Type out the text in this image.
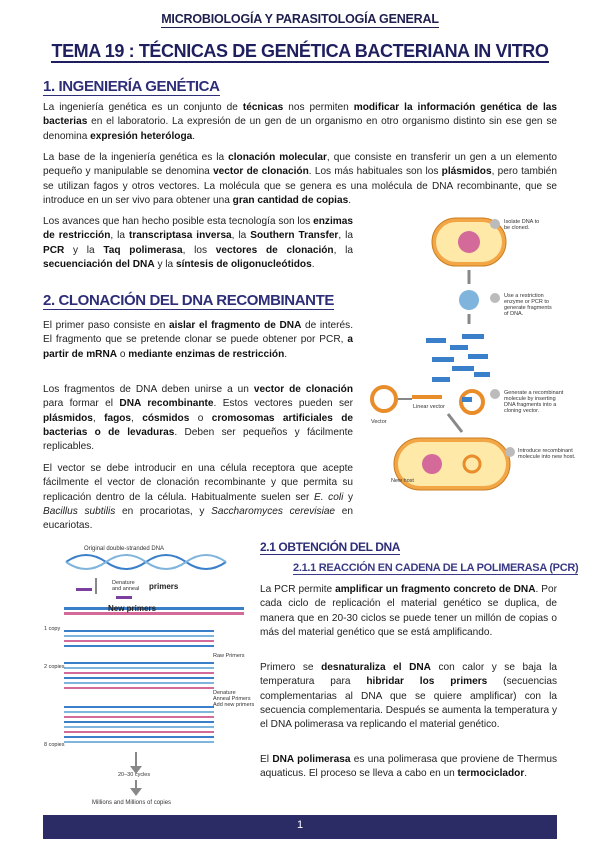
MICROBIOLOGÍA Y PARASITOLOGÍA GENERAL
TEMA 19 : TÉCNICAS DE GENÉTICA BACTERIANA IN VITRO
1. INGENIERÍA GENÉTICA
La ingeniería genética es un conjunto de técnicas nos permiten modificar la información genética de las bacterias en el laboratorio. La expresión de un gen de un organismo en otro organismo distinto sin ese gen se denomina expresión heteróloga.
La base de la ingeniería genética es la clonación molecular, que consiste en transferir un gen a un elemento pequeño y manipulable se denomina vector de clonación. Los más habituales son los plásmidos, pero también se utilizan fagos y otros vectores. La molécula que se genera es una molécula de DNA recombinante, que se introduce en un ser vivo para obtener una gran cantidad de copias.
Los avances que han hecho posible esta tecnología son los enzimas de restricción, la transcriptasa inversa, la Southern Transfer, la PCR y la Taq polimerasa, los vectores de clonación, la secuenciación del DNA y la síntesis de oligonucleótidos.
2. CLONACIÓN DEL DNA RECOMBINANTE
El primer paso consiste en aislar el fragmento de DNA de interés. El fragmento que se pretende clonar se puede obtener por PCR, a partir de mRNA o mediante enzimas de restricción.
Los fragmentos de DNA deben unirse a un vector de clonación para formar el DNA recombinante. Estos vectores pueden ser plásmidos, fagos, cósmidos o cromosomas artificiales de bacterias o de levaduras. Deben ser pequeños y fácilmente replicables.
El vector se debe introducir en una célula receptora que acepte fácilmente el vector de clonación recombinante y que permita su replicación dentro de la célula. Habitualmente suelen ser E. coli y Bacillus subtilis en procariotas, y Saccharomyces cerevisiae en eucariotas.
Isolate DNA to
be cloned.
Use a restriction
enzyme or PCR to
generate fragments
of DNA.
Generate a recombinant
molecule by inserting
DNA fragments into a
cloning vector.
Introduce recombinant
molecule into new host.
Vector
Linear vector
New host
Original double-stranded DNA
Denature
and anneal primers
New primers
1 copy
2 copies
8 copies
Raw Primers
Denature
Anneal Primers
Add new primers
20–30 cycles
Millions and Millions of copies
2.1 OBTENCIÓN DEL DNA
2.1.1 REACCIÓN EN CADENA DE LA POLIMERASA (PCR)
La PCR permite amplificar un fragmento concreto de DNA. Por cada ciclo de replicación el material genético se duplica, de manera que en 20-30 ciclos se puede tener un millón de copias o más del material genético que se está amplificando.
Primero se desnaturaliza el DNA con calor y se baja la temperatura para hibridar los primers (secuencias complementarias al DNA que se quiere amplificar) con la secuencia complementaria. Después se aumenta la temperatura y el DNA polimerasa va replicando el material genético.
El DNA polimerasa es una polimerasa que proviene de Thermus aquaticus. El proceso se lleva a cabo en un termociclador.
1
